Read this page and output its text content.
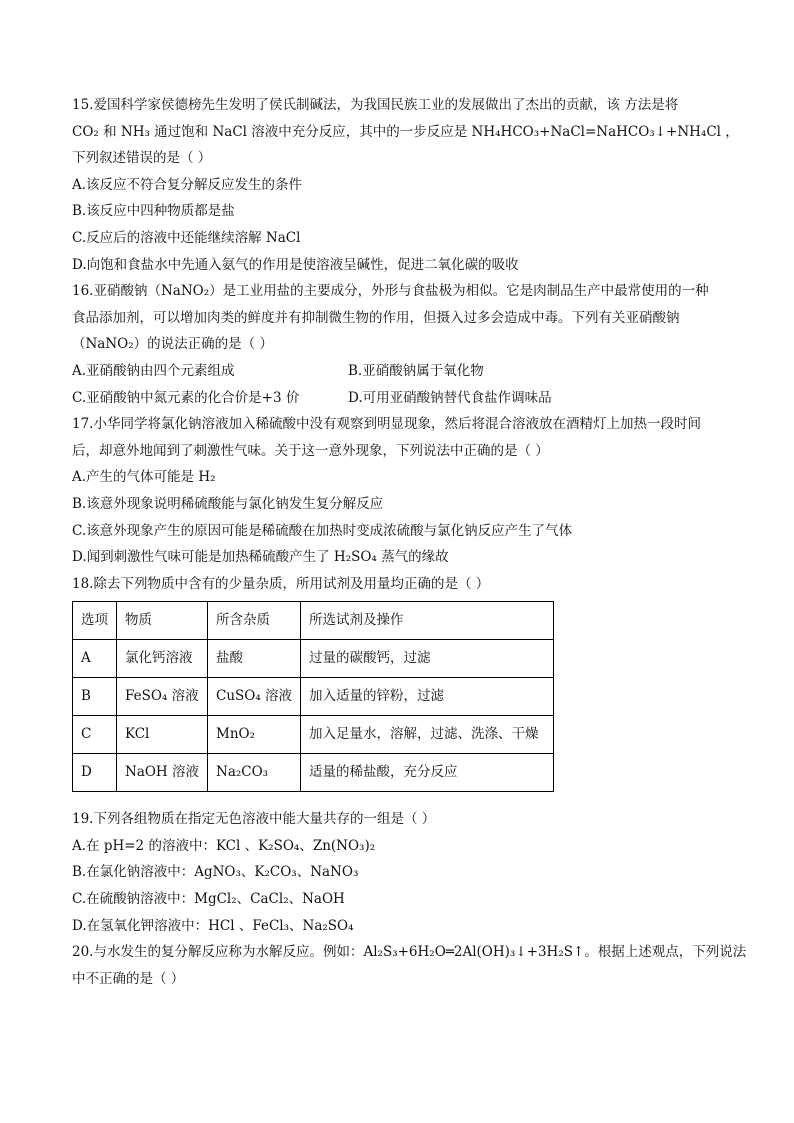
15.爱国科学家侯德榜先生发明了侯氏制碱法，为我国民族工业的发展做出了杰出的贡献，该 方法是将
CO₂ 和 NH₃ 通过饱和 NaCl 溶液中充分反应，其中的一步反应是 NH₄HCO₃+NaCl=NaHCO₃↓+NH₄Cl ，
下列叙述错误的是（ ）
A.该反应不符合复分解反应发生的条件
B.该反应中四种物质都是盐
C.反应后的溶液中还能继续溶解 NaCl
D.向饱和食盐水中先通入氨气的作用是使溶液呈碱性，促进二氧化碳的吸收
16.亚硝酸钠（NaNO₂）是工业用盐的主要成分，外形与食盐极为相似。它是肉制品生产中最常使用的一种
食品添加剂，可以增加肉类的鲜度并有抑制微生物的作用，但摄入过多会造成中毒。下列有关亚硝酸钠
（NaNO₂）的说法正确的是（ ）
A.亚硝酸钠由四个元素组成	B.亚硝酸钠属于氧化物
C.亚硝酸钠中氮元素的化合价是+3 价	D.可用亚硝酸钠替代食盐作调味品
17.小华同学将氯化钠溶液加入稀硫酸中没有观察到明显现象，然后将混合溶液放在酒精灯上加热一段时间
后，却意外地闻到了刺激性气味。关于这一意外现象，下列说法中正确的是（ ）
A.产生的气体可能是 H₂
B.该意外现象说明稀硫酸能与氯化钠发生复分解反应
C.该意外现象产生的原因可能是稀硫酸在加热时变成浓硫酸与氯化钠反应产生了气体
D.闻到刺激性气味可能是加热稀硫酸产生了 H₂SO₄ 蒸气的缘故
18.除去下列物质中含有的少量杂质，所用试剂及用量均正确的是（ ）
选项	物质	所含杂质	所选试剂及操作
A	氯化钙溶液	盐酸	过量的碳酸钙，过滤
B	FeSO₄ 溶液	CuSO₄ 溶液	加入适量的锌粉，过滤
C	KCl	MnO₂	加入足量水，溶解，过滤、洗涤、干燥
D	NaOH 溶液	Na₂CO₃	适量的稀盐酸，充分反应
19.下列各组物质在指定无色溶液中能大量共存的一组是（ ）
A.在 pH=2 的溶液中：KCl 、K₂SO₄、Zn(NO₃)₂
B.在氯化钠溶液中：AgNO₃、K₂CO₃、NaNO₃
C.在硫酸钠溶液中：MgCl₂、CaCl₂、NaOH
D.在氢氧化钾溶液中：HCl 、FeCl₃、Na₂SO₄
20.与水发生的复分解反应称为水解反应。例如：Al₂S₃+6H₂O═2Al(OH)₃↓+3H₂S↑。根据上述观点，下列说法
中不正确的是（ ）
